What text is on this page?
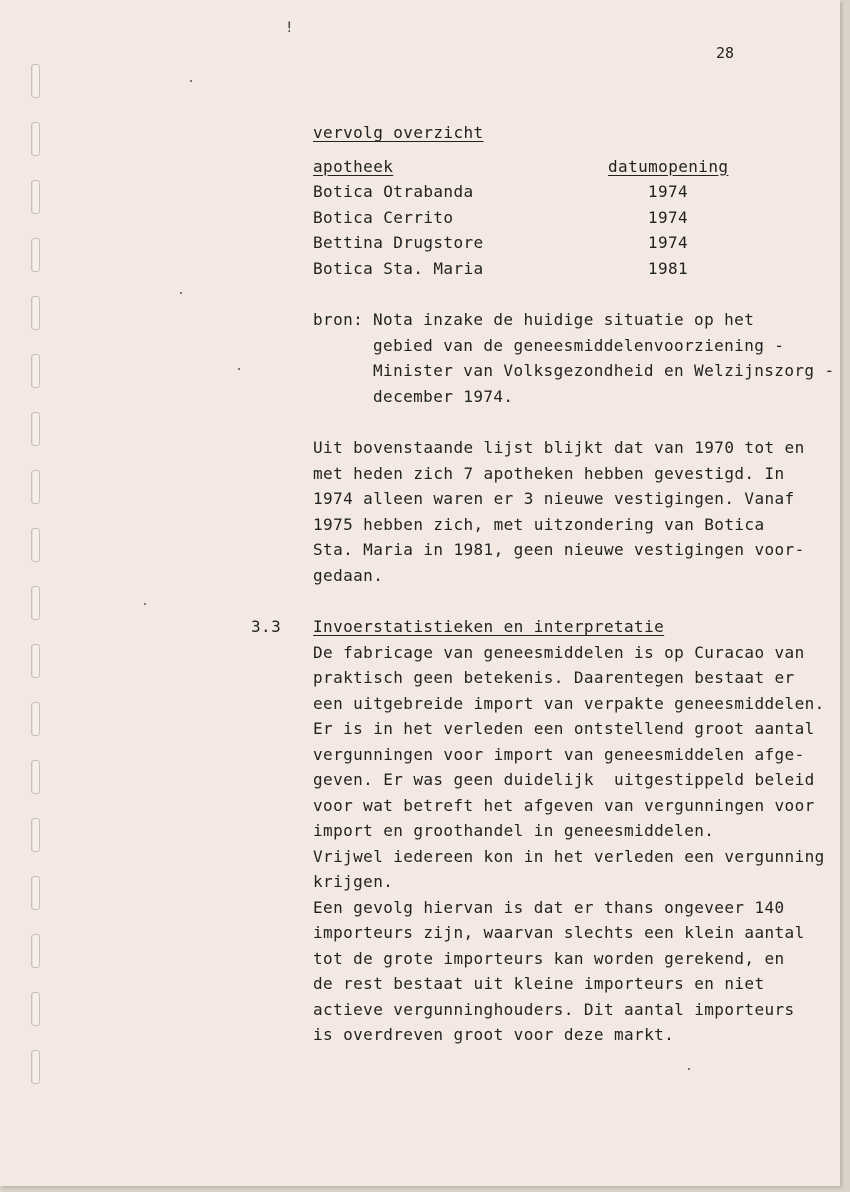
!
28
vervolg overzicht
apotheek	datumopening
Botica Otrabanda	1974
Botica Cerrito	1974
Bettina Drugstore	1974
Botica Sta. Maria	1981
bron: Nota inzake de huidige situatie op het
gebied van de geneesmiddelenvoorziening -
Minister van Volksgezondheid en Welzijnszorg -
december 1974.
Uit bovenstaande lijst blijkt dat van 1970 tot en
met heden zich 7 apotheken hebben gevestigd. In
1974 alleen waren er 3 nieuwe vestigingen. Vanaf
1975 hebben zich, met uitzondering van Botica
Sta. Maria in 1981, geen nieuwe vestigingen voor-
gedaan.
3.3 Invoerstatistieken en interpretatie
De fabricage van geneesmiddelen is op Curacao van
praktisch geen betekenis. Daarentegen bestaat er
een uitgebreide import van verpakte geneesmiddelen.
Er is in het verleden een ontstellend groot aantal
vergunningen voor import van geneesmiddelen afge-
geven. Er was geen duidelijk  uitgestippeld beleid
voor wat betreft het afgeven van vergunningen voor
import en groothandel in geneesmiddelen.
Vrijwel iedereen kon in het verleden een vergunning
krijgen.
Een gevolg hiervan is dat er thans ongeveer 140
importeurs zijn, waarvan slechts een klein aantal
tot de grote importeurs kan worden gerekend, en
de rest bestaat uit kleine importeurs en niet
actieve vergunninghouders. Dit aantal importeurs
is overdreven groot voor deze markt.
